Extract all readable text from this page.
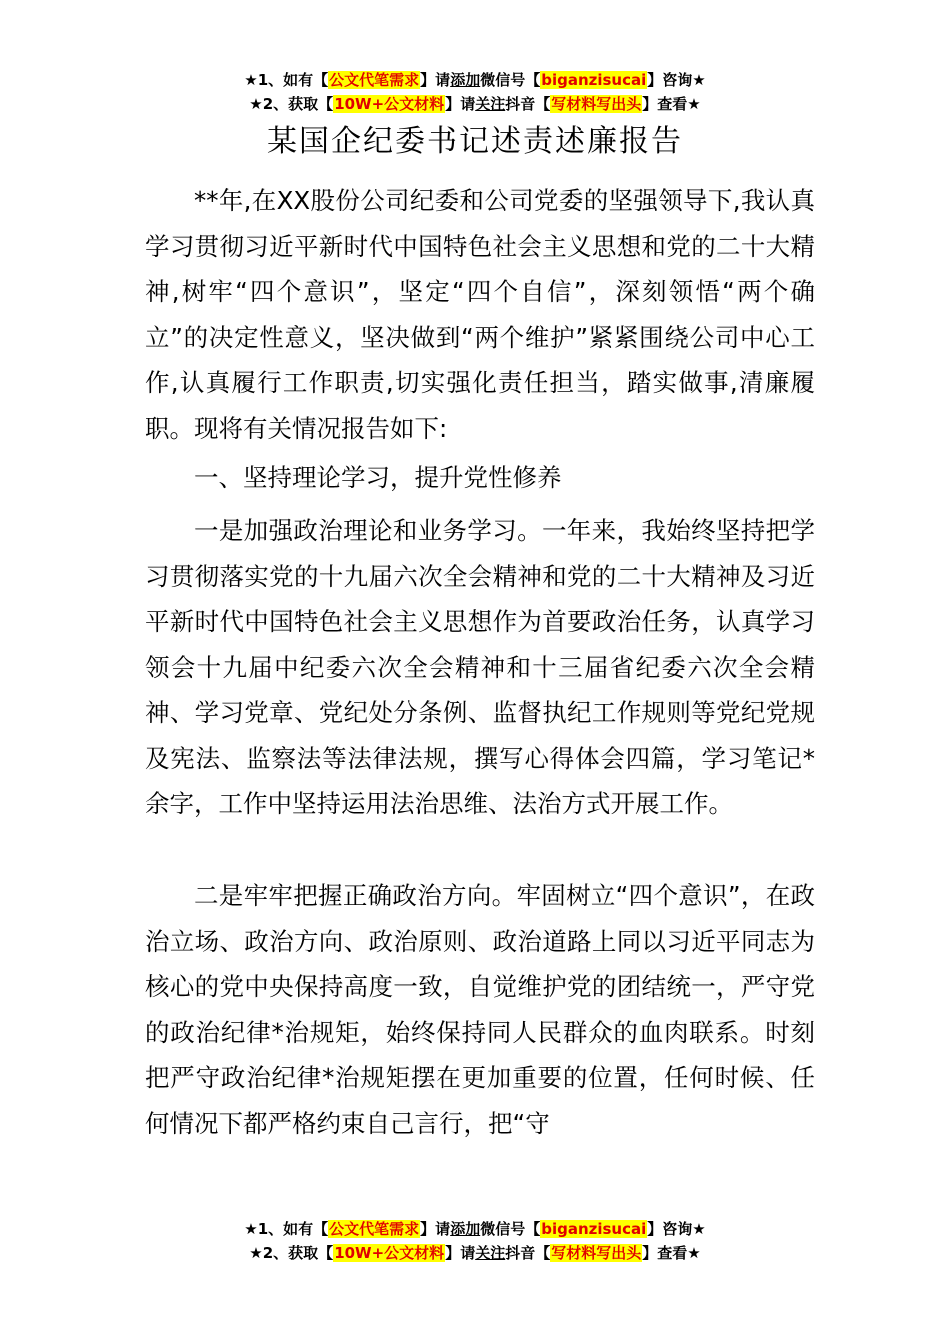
★1、如有【公文代笔需求】请添加微信号【biganzisucai】咨询★
★2、获取【10W+公文材料】请关注抖音【写材料写出头】查看★
某国企纪委书记述责述廉报告

**年,在XX股份公司纪委和公司党委的坚强领导下,我认真学习贯彻习近平新时代中国特色社会主义思想和党的二十大精神,树牢“四个意识”，坚定“四个自信”，深刻领悟“两个确立”的决定性意义，坚决做到“两个维护”紧紧围绕公司中心工作,认真履行工作职责,切实强化责任担当，踏实做事,清廉履职。现将有关情况报告如下:

一、坚持理论学习，提升党性修养

一是加强政治理论和业务学习。一年来，我始终坚持把学习贯彻落实党的十九届六次全会精神和党的二十大精神及习近平新时代中国特色社会主义思想作为首要政治任务，认真学习领会十九届中纪委六次全会精神和十三届省纪委六次全会精神、学习党章、党纪处分条例、监督执纪工作规则等党纪党规及宪法、监察法等法律法规，撰写心得体会四篇，学习笔记*余字，工作中坚持运用法治思维、法治方式开展工作。

二是牢牢把握正确政治方向。牢固树立“四个意识”，在政治立场、政治方向、政治原则、政治道路上同以习近平同志为核心的党中央保持高度一致，自觉维护党的团结统一，严守党的政治纪律*治规矩，始终保持同人民群众的血肉联系。时刻把严守政治纪律*治规矩摆在更加重要的位置，任何时候、任何情况下都严格约束自己言行，把“守

★1、如有【公文代笔需求】请添加微信号【biganzisucai】咨询★
★2、获取【10W+公文材料】请关注抖音【写材料写出头】查看★
